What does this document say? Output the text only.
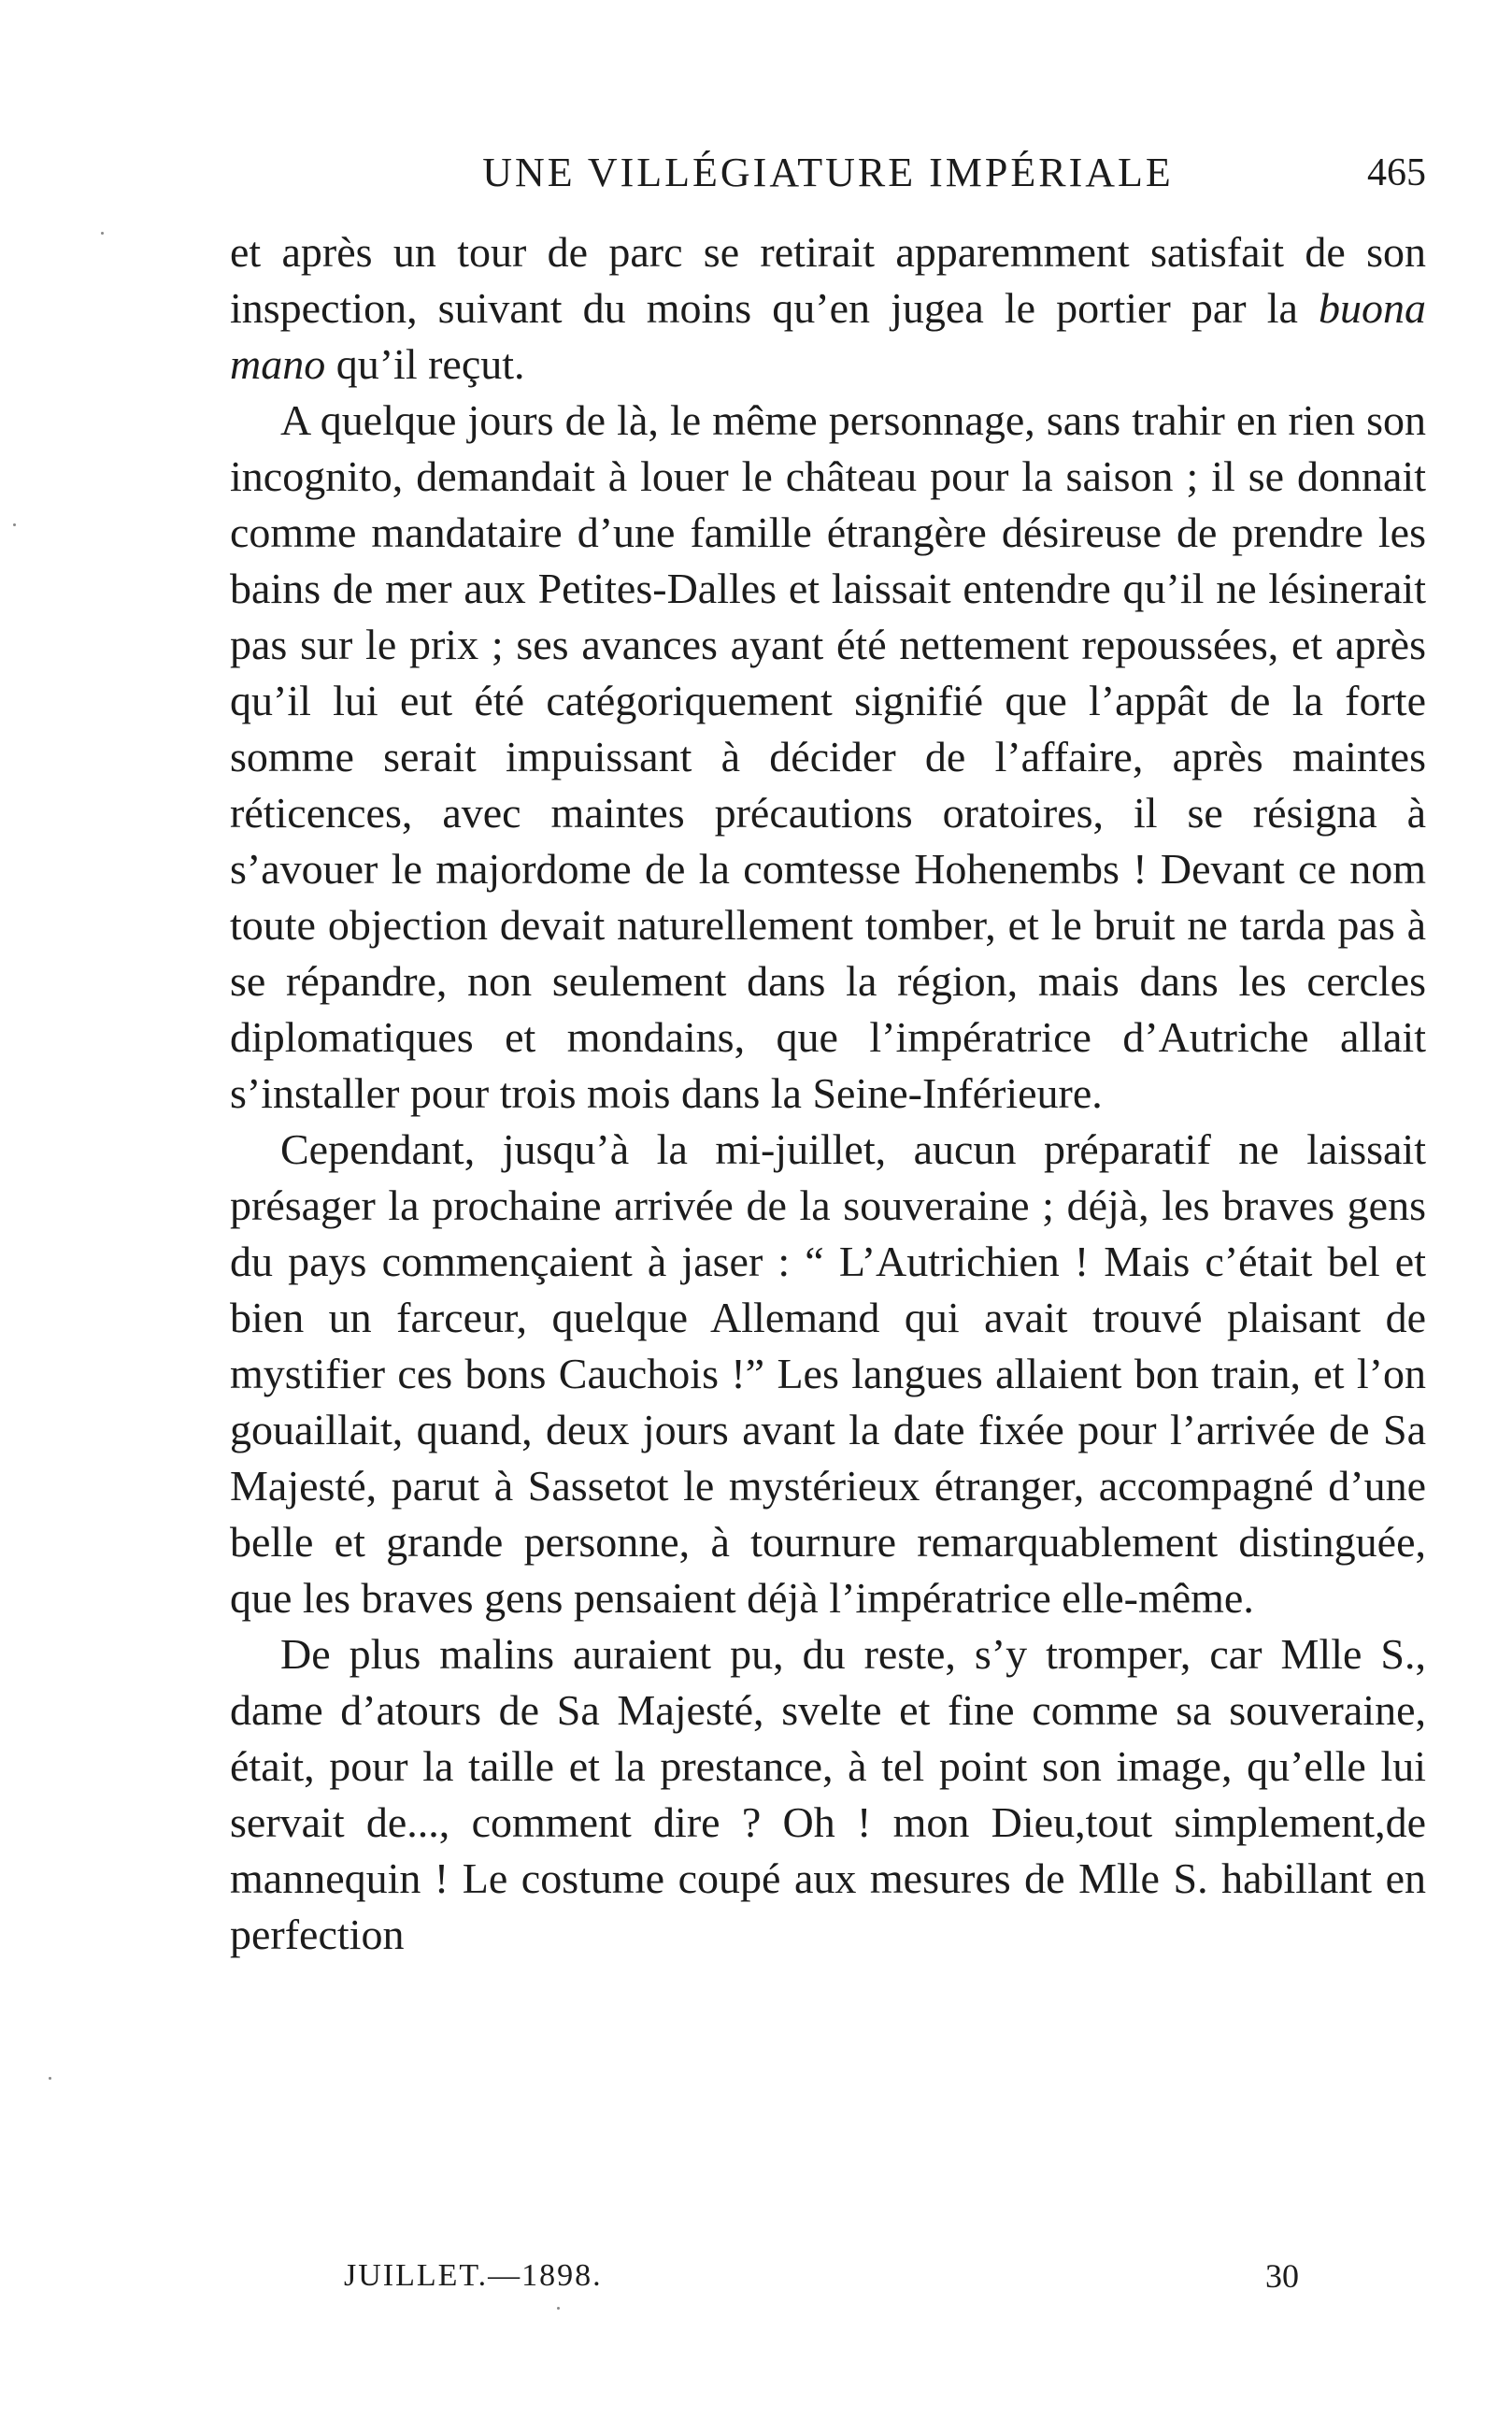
UNE VILLÉGIATURE IMPÉRIALE	465

et après un tour de parc se retirait apparemment satisfait de son inspection, suivant du moins qu’en jugea le portier par la buona mano qu’il reçut.

A quelque jours de là, le même personnage, sans trahir en rien son incognito, demandait à louer le château pour la saison ; il se donnait comme mandataire d’une famille étrangère désireuse de prendre les bains de mer aux Petites-Dalles et laissait entendre qu’il ne lésinerait pas sur le prix ; ses avances ayant été nettement repoussées, et après qu’il lui eut été catégoriquement signifié que l’appât de la forte somme serait impuissant à décider de l’affaire, après maintes réticences, avec maintes précautions oratoires, il se résigna à s’avouer le majordome de la comtesse Hohenembs ! Devant ce nom toute objection devait naturellement tomber, et le bruit ne tarda pas à se répandre, non seulement dans la région, mais dans les cercles diplomatiques et mondains, que l’impératrice d’Autriche allait s’installer pour trois mois dans la Seine-Inférieure.

Cependant, jusqu’à la mi-juillet, aucun préparatif ne laissait présager la prochaine arrivée de la souveraine ; déjà, les braves gens du pays commençaient à jaser : “ L’Autrichien ! Mais c’était bel et bien un farceur, quelque Allemand qui avait trouvé plaisant de mystifier ces bons Cauchois !” Les langues allaient bon train, et l’on gouaillait, quand, deux jours avant la date fixée pour l’arrivée de Sa Majesté, parut à Sassetot le mystérieux étranger, accompagné d’une belle et grande personne, à tournure remarquablement distinguée, que les braves gens pensaient déjà l’impératrice elle-même.

De plus malins auraient pu, du reste, s’y tromper, car Mlle S., dame d’atours de Sa Majesté, svelte et fine comme sa souveraine, était, pour la taille et la prestance, à tel point son image, qu’elle lui servait de..., comment dire ? Oh ! mon Dieu,tout simplement,de mannequin ! Le costume coupé aux mesures de Mlle S. habillant en perfection

JUILLET.—1898.	30
